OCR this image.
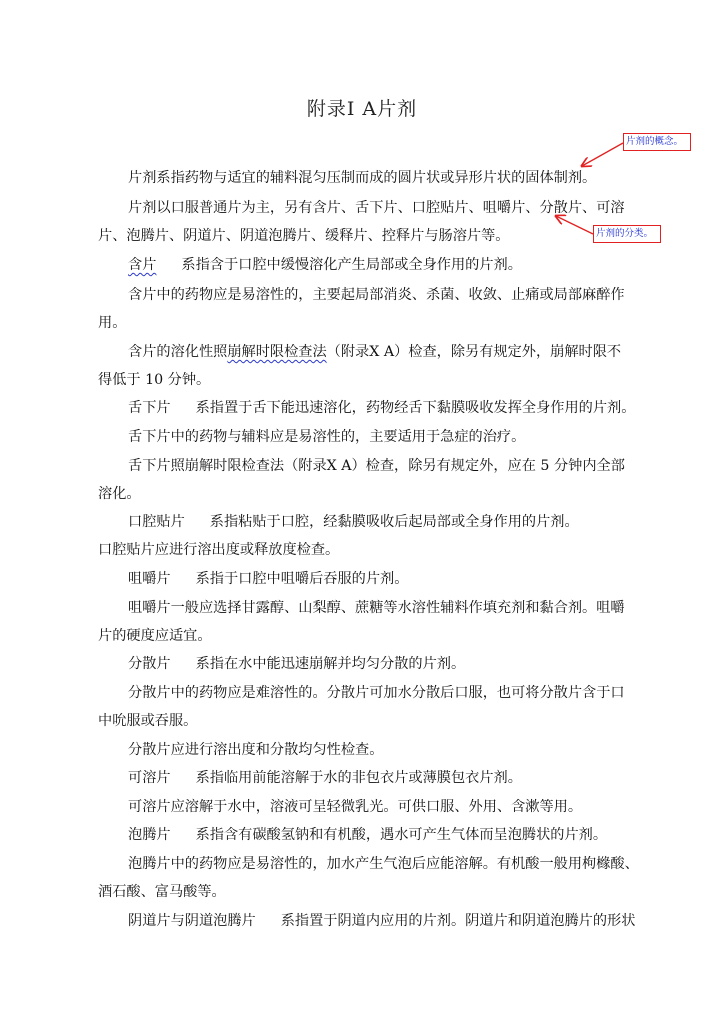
附录Ⅰ A片剂
片剂的概念。
片剂的分类。
片剂系指药物与适宜的辅料混匀压制而成的圆片状或异形片状的固体制剂。
片剂以口服普通片为主，另有含片、舌下片、口腔贴片、咀嚼片、分散片、可溶
片、泡腾片、阴道片、阴道泡腾片、缓释片、控释片与肠溶片等。
含片 系指含于口腔中缓慢溶化产生局部或全身作用的片剂。
含片中的药物应是易溶性的，主要起局部消炎、杀菌、收敛、止痛或局部麻醉作
用。
含片的溶化性照崩解时限检查法（附录Ⅹ A）检查，除另有规定外，崩解时限不
得低于 10 分钟。
舌下片 系指置于舌下能迅速溶化，药物经舌下黏膜吸收发挥全身作用的片剂。
舌下片中的药物与辅料应是易溶性的，主要适用于急症的治疗。
舌下片照崩解时限检查法（附录Ⅹ A）检查，除另有规定外，应在 5 分钟内全部
溶化。
口腔贴片 系指粘贴于口腔，经黏膜吸收后起局部或全身作用的片剂。
口腔贴片应进行溶出度或释放度检查。
咀嚼片 系指于口腔中咀嚼后吞服的片剂。
咀嚼片一般应选择甘露醇、山梨醇、蔗糖等水溶性辅料作填充剂和黏合剂。咀嚼
片的硬度应适宜。
分散片 系指在水中能迅速崩解并均匀分散的片剂。
分散片中的药物应是难溶性的。分散片可加水分散后口服，也可将分散片含于口
中吮服或吞服。
分散片应进行溶出度和分散均匀性检查。
可溶片 系指临用前能溶解于水的非包衣片或薄膜包衣片剂。
可溶片应溶解于水中，溶液可呈轻微乳光。可供口服、外用、含漱等用。
泡腾片 系指含有碳酸氢钠和有机酸，遇水可产生气体而呈泡腾状的片剂。
泡腾片中的药物应是易溶性的，加水产生气泡后应能溶解。有机酸一般用枸橼酸、
酒石酸、富马酸等。
阴道片与阴道泡腾片 系指置于阴道内应用的片剂。阴道片和阴道泡腾片的形状
